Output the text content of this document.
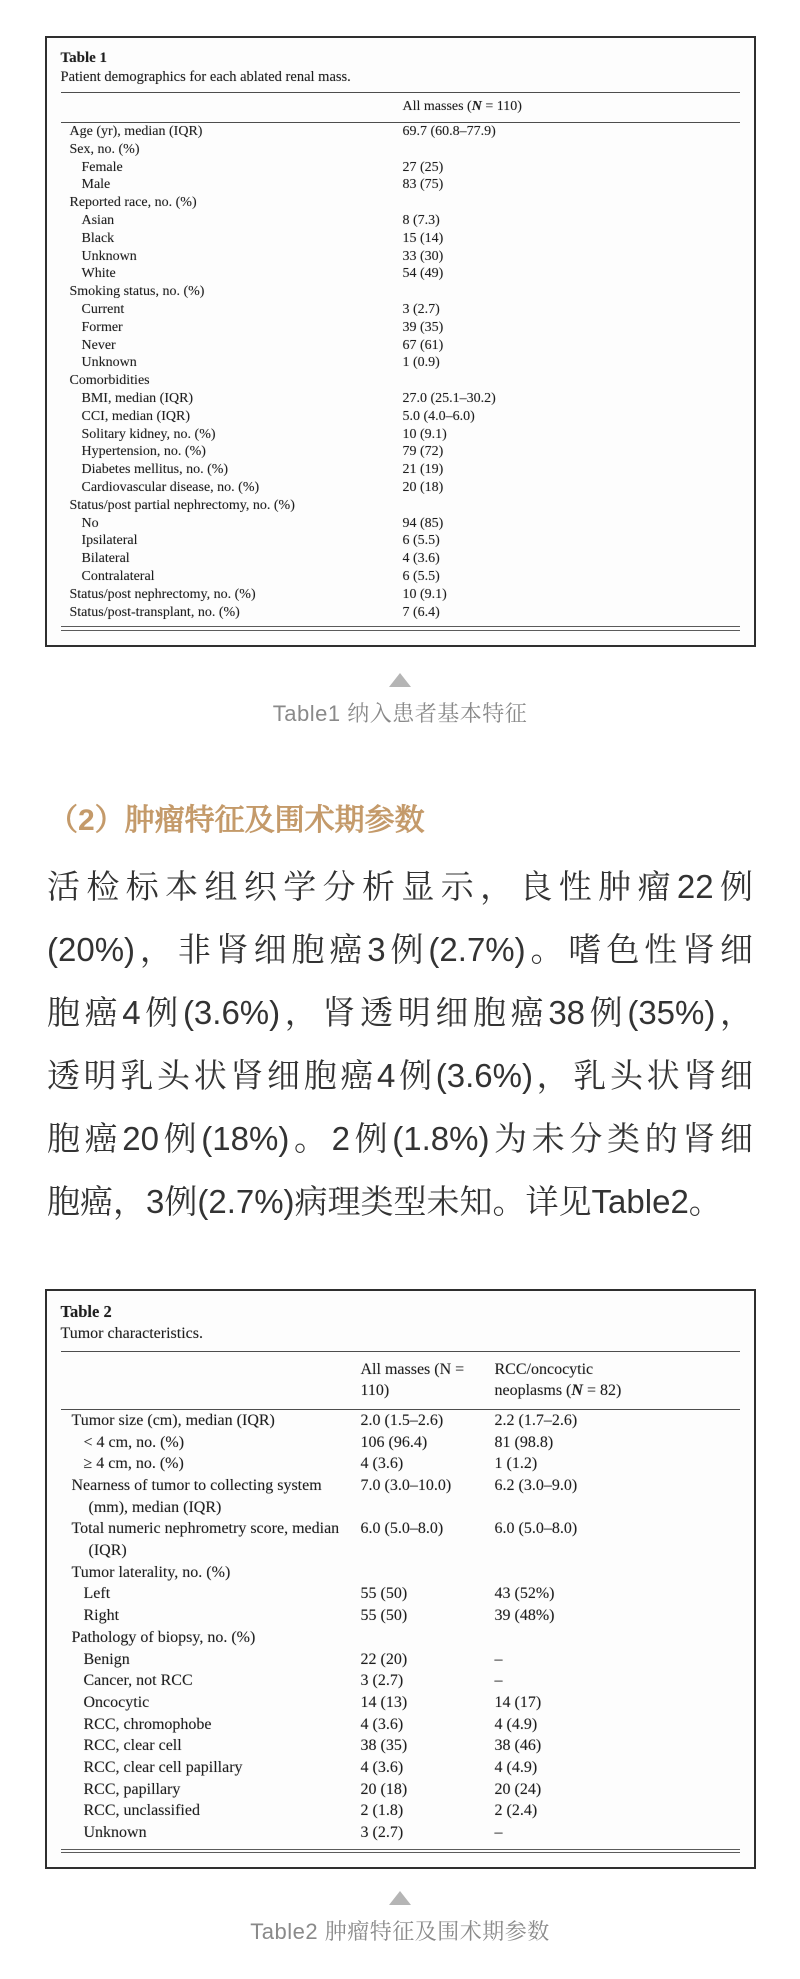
Table 1
Patient demographics for each ablated renal mass.
	All masses (N = 110)
Age (yr), median (IQR)	69.7 (60.8–77.9)
Sex, no. (%)	
Female	27 (25)
Male	83 (75)
Reported race, no. (%)	
Asian	8 (7.3)
Black	15 (14)
Unknown	33 (30)
White	54 (49)
Smoking status, no. (%)	
Current	3 (2.7)
Former	39 (35)
Never	67 (61)
Unknown	1 (0.9)
Comorbidities	
BMI, median (IQR)	27.0 (25.1–30.2)
CCI, median (IQR)	5.0 (4.0–6.0)
Solitary kidney, no. (%)	10 (9.1)
Hypertension, no. (%)	79 (72)
Diabetes mellitus, no. (%)	21 (19)
Cardiovascular disease, no. (%)	20 (18)
Status/post partial nephrectomy, no. (%)	
No	94 (85)
Ipsilateral	6 (5.5)
Bilateral	4 (3.6)
Contralateral	6 (5.5)
Status/post nephrectomy, no. (%)	10 (9.1)
Status/post-transplant, no. (%)	7 (6.4)
Table1 纳入患者基本特征
（2）肿瘤特征及围术期参数
活检标本组织学分析显示，良性肿瘤22例
(20%)，非肾细胞癌3例(2.7%)。嗜色性肾细
胞癌4例(3.6%)，肾透明细胞癌38例(35%)，
透明乳头状肾细胞癌4例(3.6%)，乳头状肾细
胞癌20例(18%)。2例(1.8%)为未分类的肾细
胞癌，3例(2.7%)病理类型未知。详见Table2。
Table 2
Tumor characteristics.
	All masses (N = 110)	RCC/oncocytic neoplasms (N = 82)	
Tumor size (cm), median (IQR)	2.0 (1.5–2.6)	2.2 (1.7–2.6)	
< 4 cm, no. (%)	106 (96.4)	81 (98.8)	
≥ 4 cm, no. (%)	4 (3.6)	1 (1.2)	
Nearness of tumor to collecting system (mm), median (IQR)	7.0 (3.0–10.0)	6.2 (3.0–9.0)	
Total numeric nephrometry score, median (IQR)	6.0 (5.0–8.0)	6.0 (5.0–8.0)	
Tumor laterality, no. (%)			
Left	55 (50)	43 (52%)	
Right	55 (50)	39 (48%)	
Pathology of biopsy, no. (%)			
Benign	22 (20)	–	
Cancer, not RCC	3 (2.7)	–	
Oncocytic	14 (13)	14 (17)	
RCC, chromophobe	4 (3.6)	4 (4.9)	
RCC, clear cell	38 (35)	38 (46)	
RCC, clear cell papillary	4 (3.6)	4 (4.9)	
RCC, papillary	20 (18)	20 (24)	
RCC, unclassified	2 (1.8)	2 (2.4)	
Unknown	3 (2.7)	–	
Table2 肿瘤特征及围术期参数
